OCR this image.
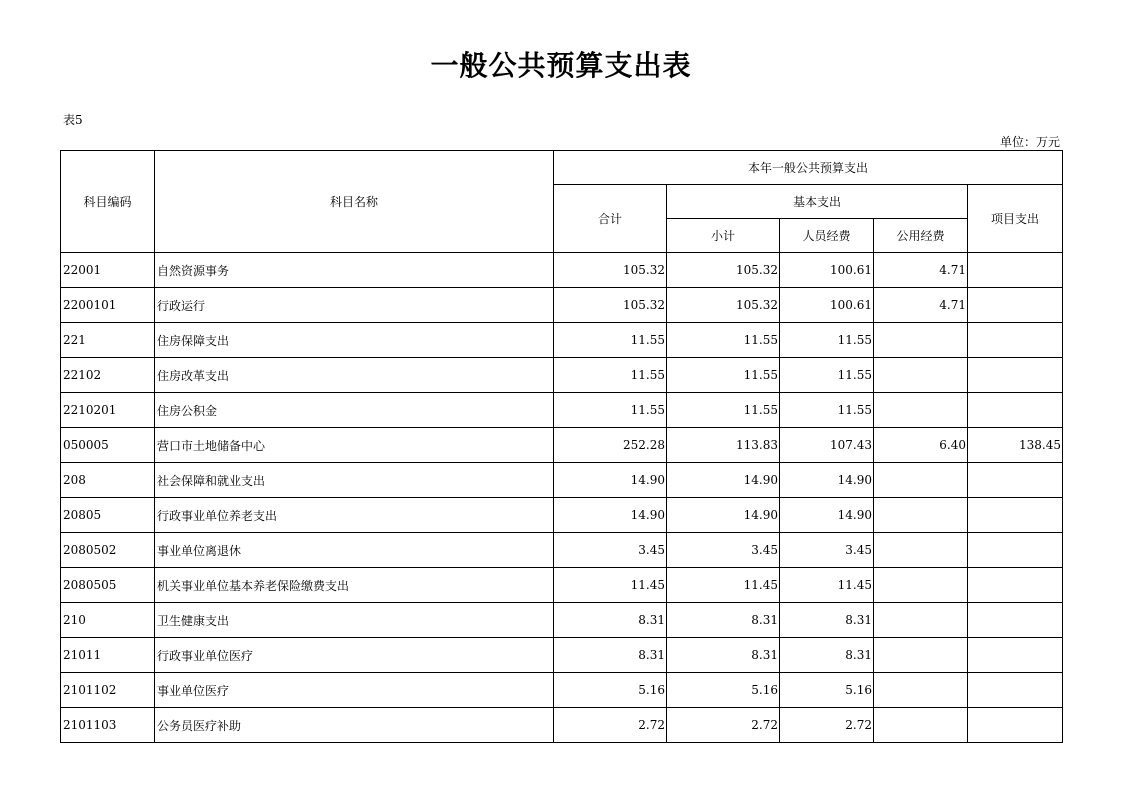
一般公共预算支出表
表5
单位：万元
科目编码	科目名称	本年一般公共预算支出				
		合计	基本支出			项目支出
			小计	人员经费	公用经费	
22001	自然资源事务	105.32	105.32	100.61	4.71	
2200101	行政运行	105.32	105.32	100.61	4.71	
221	住房保障支出	11.55	11.55	11.55		
22102	住房改革支出	11.55	11.55	11.55		
2210201	住房公积金	11.55	11.55	11.55		
050005	营口市土地储备中心	252.28	113.83	107.43	6.40	138.45
208	社会保障和就业支出	14.90	14.90	14.90		
20805	行政事业单位养老支出	14.90	14.90	14.90		
2080502	事业单位离退休	3.45	3.45	3.45		
2080505	机关事业单位基本养老保险缴费支出	11.45	11.45	11.45		
210	卫生健康支出	8.31	8.31	8.31		
21011	行政事业单位医疗	8.31	8.31	8.31		
2101102	事业单位医疗	5.16	5.16	5.16		
2101103	公务员医疗补助	2.72	2.72	2.72		
